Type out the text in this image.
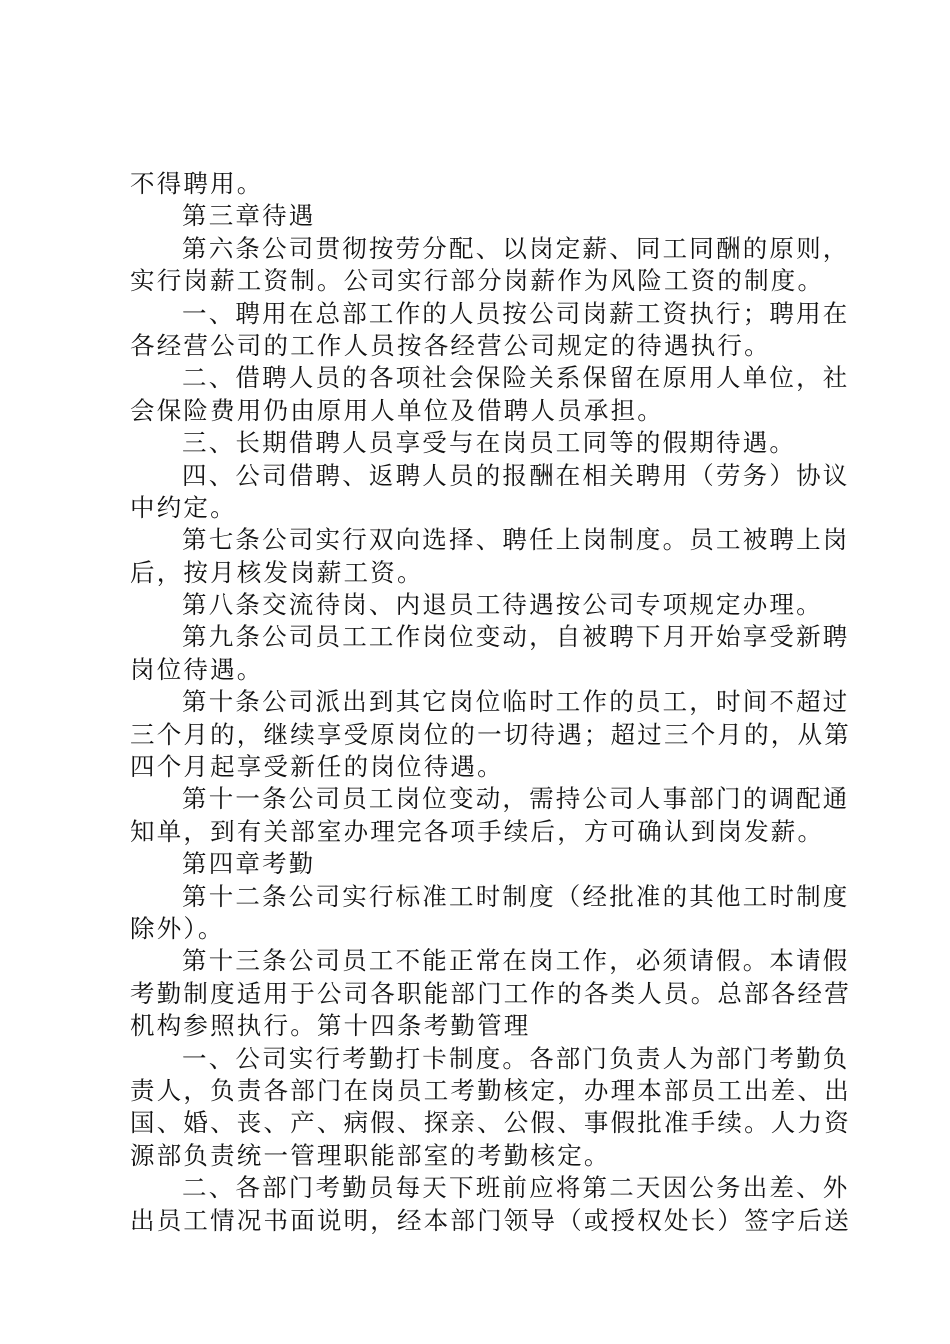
不得聘用。
第三章待遇
第六条公司贯彻按劳分配、以岗定薪、同工同酬的原则，
实行岗薪工资制。公司实行部分岗薪作为风险工资的制度。
一、聘用在总部工作的人员按公司岗薪工资执行；聘用在
各经营公司的工作人员按各经营公司规定的待遇执行。
二、借聘人员的各项社会保险关系保留在原用人单位，社
会保险费用仍由原用人单位及借聘人员承担。
三、长期借聘人员享受与在岗员工同等的假期待遇。
四、公司借聘、返聘人员的报酬在相关聘用（劳务）协议
中约定。
第七条公司实行双向选择、聘任上岗制度。员工被聘上岗
后，按月核发岗薪工资。
第八条交流待岗、内退员工待遇按公司专项规定办理。
第九条公司员工工作岗位变动，自被聘下月开始享受新聘
岗位待遇。
第十条公司派出到其它岗位临时工作的员工，时间不超过
三个月的，继续享受原岗位的一切待遇；超过三个月的，从第
四个月起享受新任的岗位待遇。
第十一条公司员工岗位变动，需持公司人事部门的调配通
知单，到有关部室办理完各项手续后，方可确认到岗发薪。
第四章考勤
第十二条公司实行标准工时制度（经批准的其他工时制度
除外）。
第十三条公司员工不能正常在岗工作，必须请假。本请假
考勤制度适用于公司各职能部门工作的各类人员。总部各经营
机构参照执行。第十四条考勤管理
一、公司实行考勤打卡制度。各部门负责人为部门考勤负
责人，负责各部门在岗员工考勤核定，办理本部员工出差、出
国、婚、丧、产、病假、探亲、公假、事假批准手续。人力资
源部负责统一管理职能部室的考勤核定。
二、各部门考勤员每天下班前应将第二天因公务出差、外
出员工情况书面说明，经本部门领导（或授权处长）签字后送
